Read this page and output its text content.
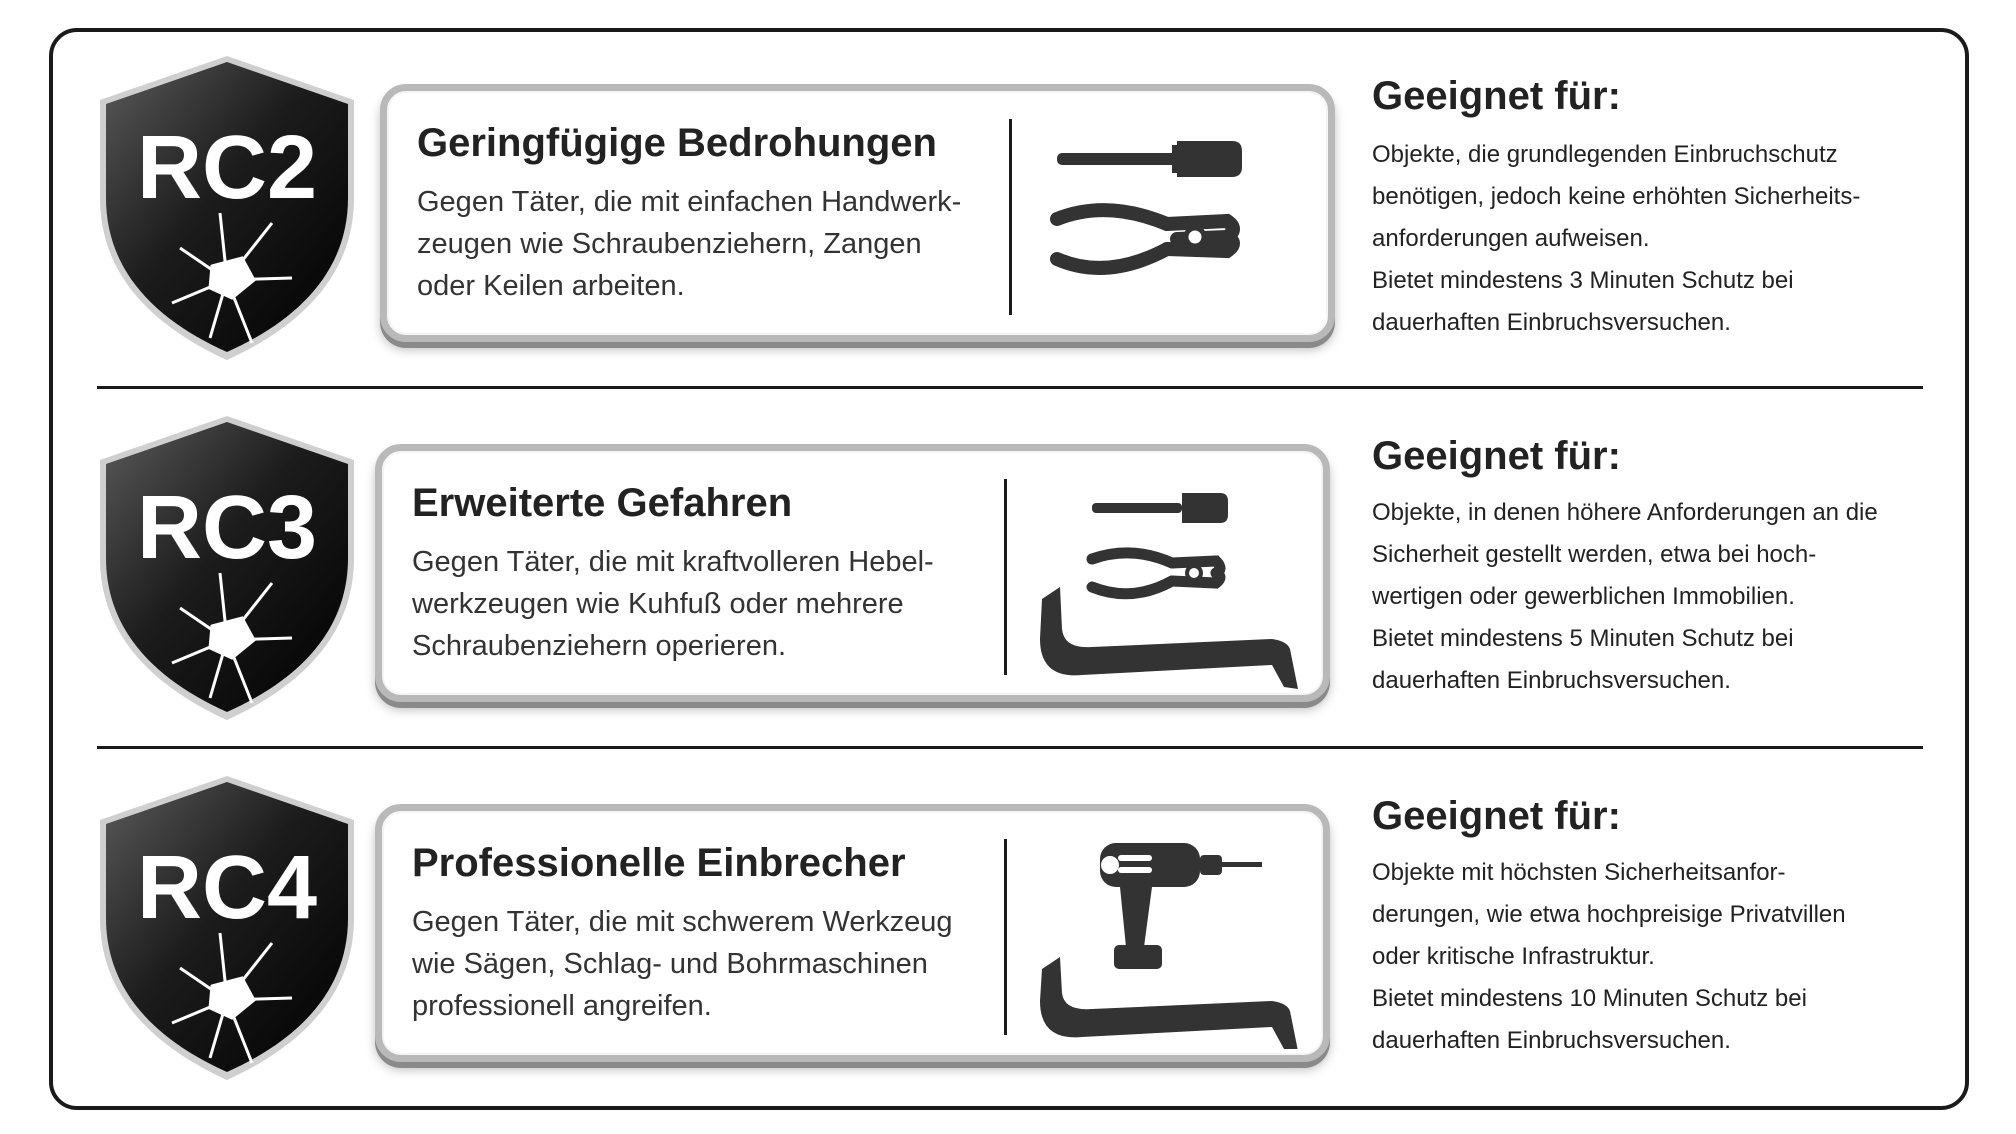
RC2 Geringfügige Bedrohungen
Gegen Täter, die mit einfachen Handwerk-
zeugen wie Schraubenziehern, Zangen
oder Keilen arbeiten.
Geeignet für:
Objekte, die grundlegenden Einbruchschutz
benötigen, jedoch keine erhöhten Sicherheits-
anforderungen aufweisen.
Bietet mindestens 3 Minuten Schutz bei
dauerhaften Einbruchsversuchen.
RC3 Erweiterte Gefahren
Gegen Täter, die mit kraftvolleren Hebel-
werkzeugen wie Kuhfuß oder mehrere
Schraubenziehern operieren.
Geeignet für:
Objekte, in denen höhere Anforderungen an die
Sicherheit gestellt werden, etwa bei hoch-
wertigen oder gewerblichen Immobilien.
Bietet mindestens 5 Minuten Schutz bei
dauerhaften Einbruchsversuchen.
RC4 Professionelle Einbrecher
Gegen Täter, die mit schwerem Werkzeug
wie Sägen, Schlag- und Bohrmaschinen
professionell angreifen.
Geeignet für:
Objekte mit höchsten Sicherheitsanfor-
derungen, wie etwa hochpreisige Privatvillen
oder kritische Infrastruktur.
Bietet mindestens 10 Minuten Schutz bei
dauerhaften Einbruchsversuchen.
